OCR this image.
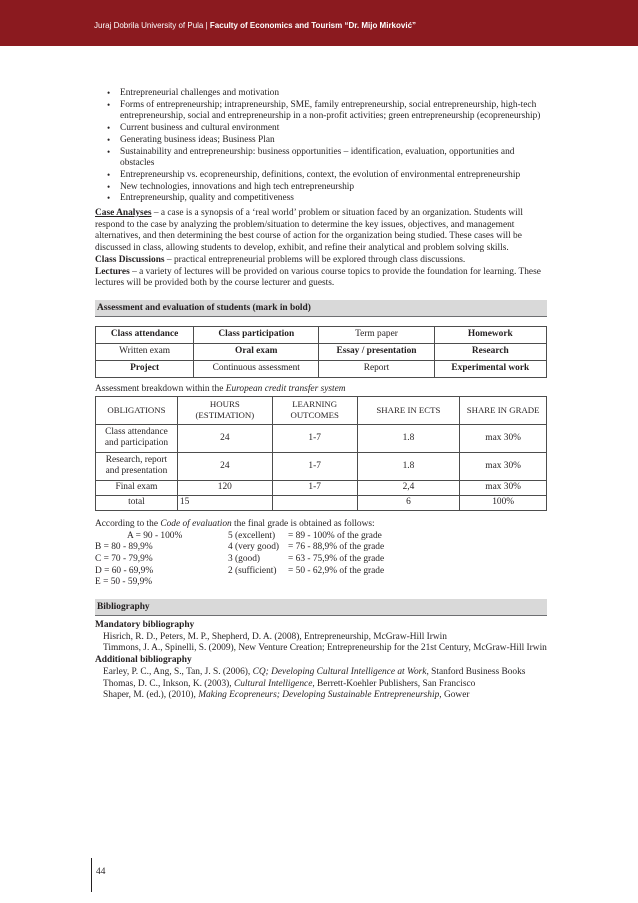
Juraj Dobrila University of Pula | Faculty of Economics and Tourism “Dr. Mijo Mirković”
• Entrepreneurial challenges and motivation
• Forms of entrepreneurship; intrapreneurship, SME, family entrepreneurship, social entrepreneurship, high-tech entrepreneurship, social and entrepreneurship in a non-profit activities; green entrepreneurship (ecopreneurship)
• Current business and cultural environment
• Generating business ideas; Business Plan
• Sustainability and entrepreneurship: business opportunities – identification, evaluation, opportunities and obstacles
• Entrepreneurship vs. ecopreneurship, definitions, context, the evolution of environmental entrepreneurship
• New technologies, innovations and high tech entrepreneurship
• Entrepreneurship, quality and competitiveness

Case Analyses – a case is a synopsis of a ‘real world’ problem or situation faced by an organization. Students will respond to the case by analyzing the problem/situation to determine the key issues, objectives, and management alternatives, and then determining the best course of action for the organization being studied. These cases will be discussed in class, allowing students to develop, exhibit, and refine their analytical and problem solving skills.

Class Discussions – practical entrepreneurial problems will be explored through class discussions.

Lectures – a variety of lectures will be provided on various course topics to provide the foundation for learning. These lectures will be provided both by the course lecturer and guests.

Assessment and evaluation of students (mark in bold)
Class attendance	Class participation	Term paper	Homework
Written exam	Oral exam	Essay / presentation	Research
Project	Continuous assessment	Report	Experimental work
Assessment breakdown within the European credit transfer system
OBLIGATIONS	HOURS (ESTIMATION)	LEARNING OUTCOMES	SHARE IN ECTS	SHARE IN GRADE
Class attendance and participation	24	1-7	1.8	max 30%
Research, report and presentation	24	1-7	1.8	max 30%
Final exam	120	1-7	2,4	max 30%
total	15		6	100%
According to the Code of evaluation the final grade is obtained as follows:
A = 90 - 100%	5 (excellent) = 89 - 100% of the grade
B = 80 - 89,9%	4 (very good) = 76 - 88,9% of the grade
C = 70 - 79,9%	3 (good)	= 63 - 75,9% of the grade
D = 60 - 69,9%	2 (sufficient) = 50 - 62,9% of the grade
E = 50 - 59,9%
Bibliography
Mandatory bibliography
Hisrich, R. D., Peters, M. P., Shepherd, D. A. (2008), Entrepreneurship, McGraw-Hill Irwin
Timmons, J. A., Spinelli, S. (2009), New Venture Creation; Entrepreneurship for the 21st Century, McGraw-Hill Irwin
Additional bibliography
Earley, P. C., Ang, S., Tan, J. S. (2006), CQ; Developing Cultural Intelligence at Work, Stanford Business Books
Thomas, D. C., Inkson, K. (2003), Cultural Intelligence, Berrett-Koehler Publishers, San Francisco
Shaper, M. (ed.), (2010), Making Ecopreneurs; Developing Sustainable Entrepreneurship, Gower
44
